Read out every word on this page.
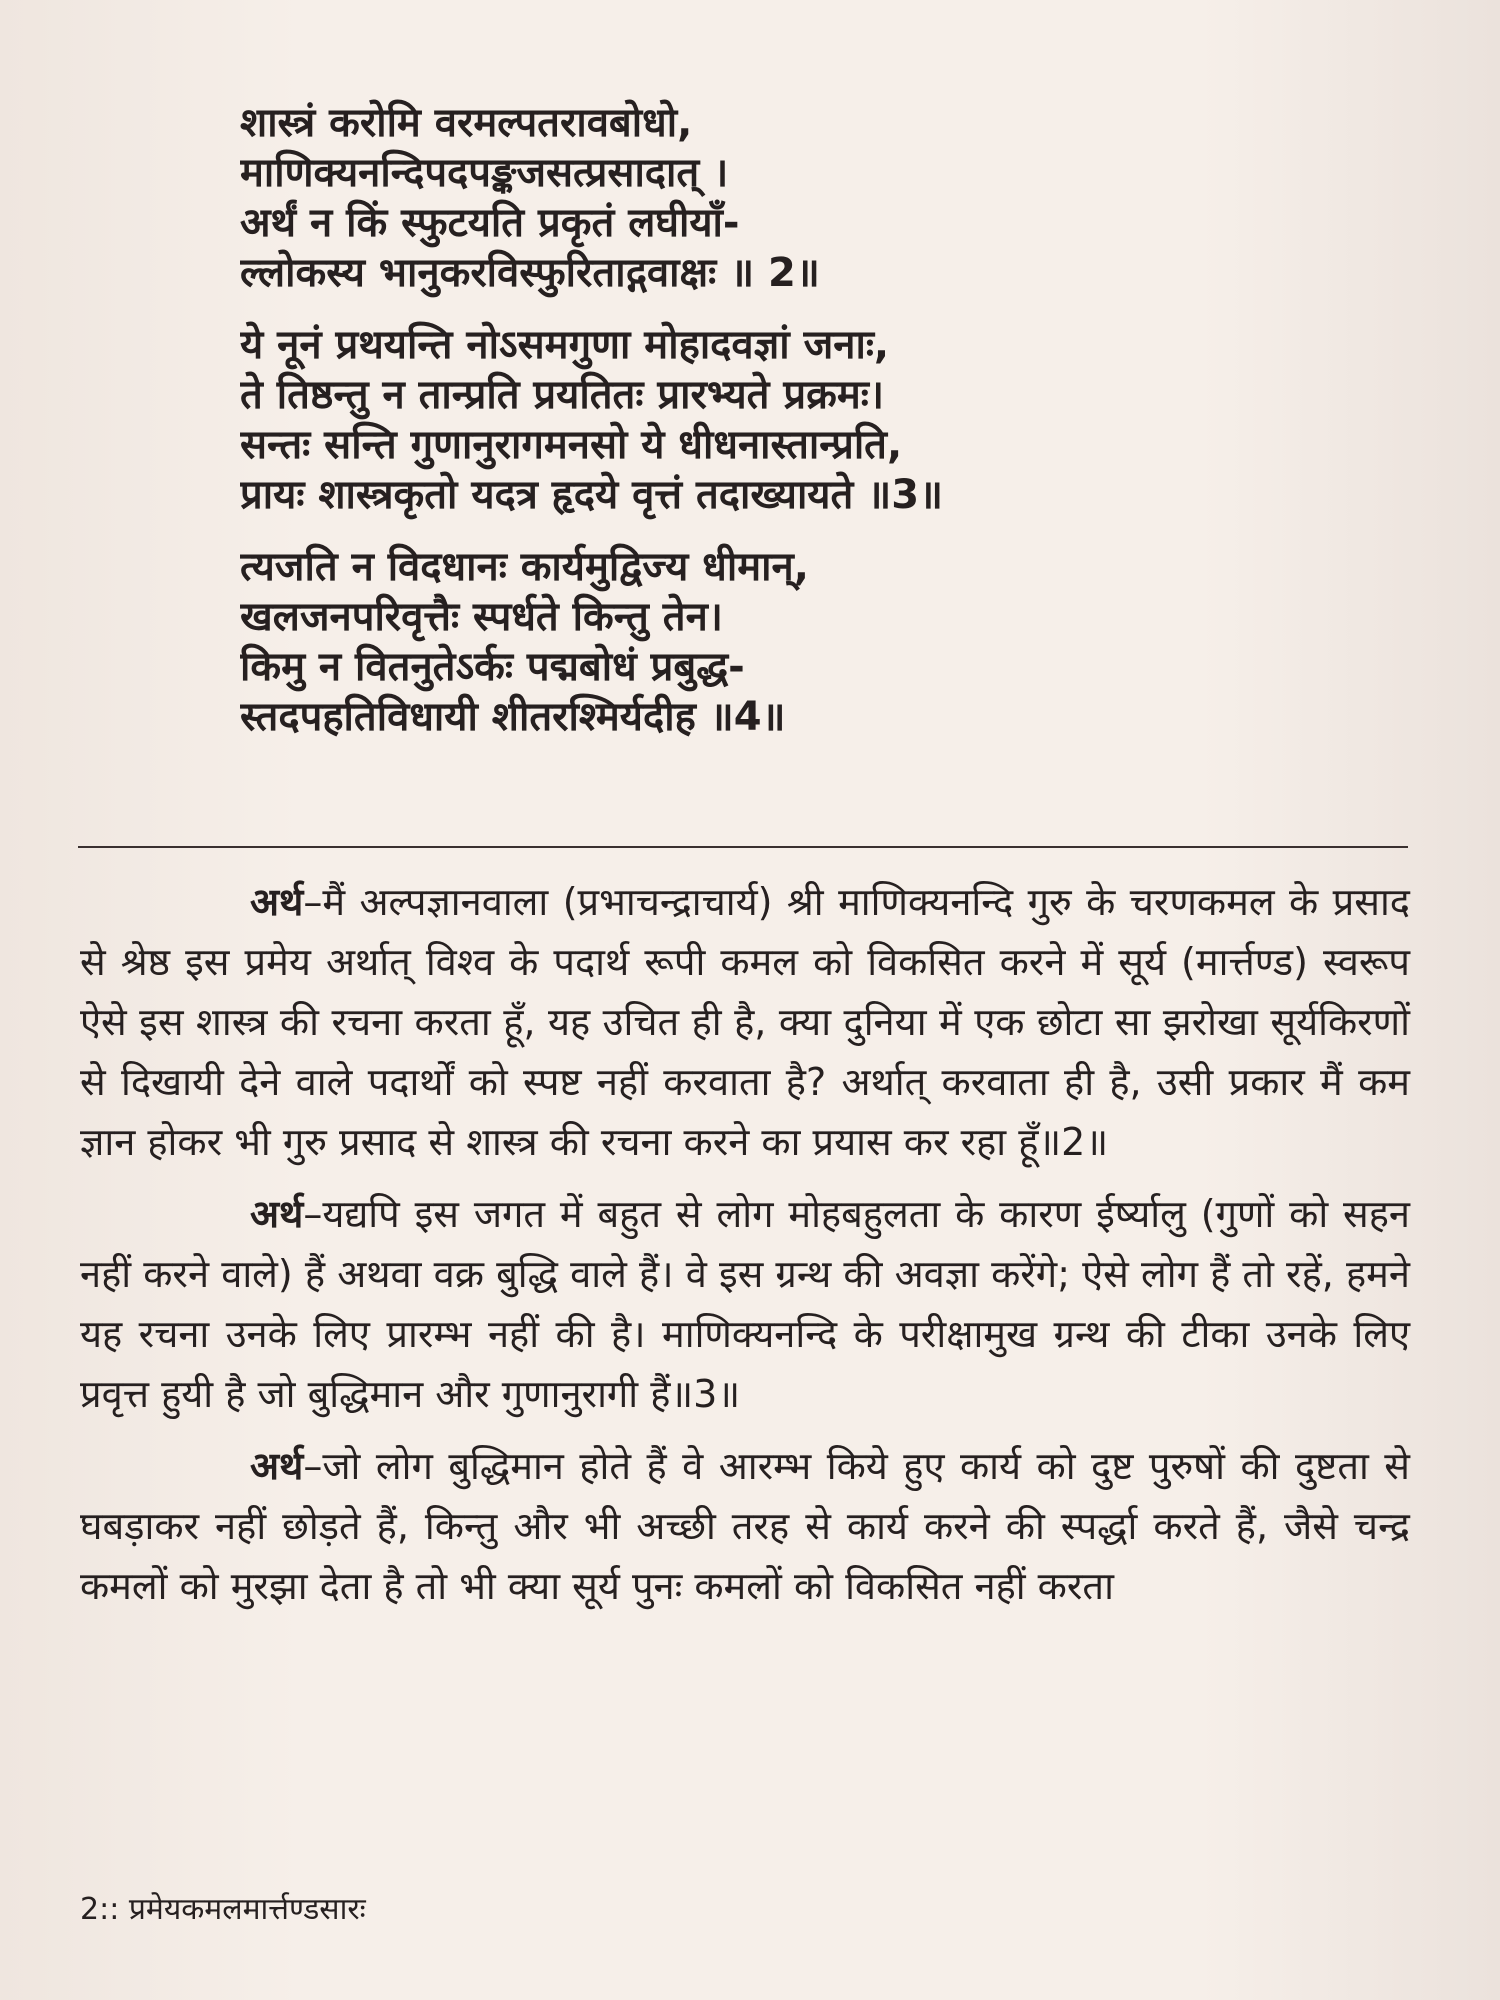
शास्त्रं करोमि वरमल्पतरावबोधो,
माणिक्यनन्दिपदपङ्कजसत्प्रसादात् ।
अर्थं न किं स्फुटयति प्रकृतं लघीयाँ-
ल्लोकस्य भानुकरविस्फुरिताद्गवाक्षः ॥ 2॥
ये नूनं प्रथयन्ति नोऽसमगुणा मोहादवज्ञां जनाः,
ते तिष्ठन्तु न तान्प्रति प्रयतितः प्रारभ्यते प्रक्रमः।
सन्तः सन्ति गुणानुरागमनसो ये धीधनास्तान्प्रति,
प्रायः शास्त्रकृतो यदत्र हृदये वृत्तं तदाख्यायते ॥3॥
त्यजति न विदधानः कार्यमुद्विज्य धीमान्,
खलजनपरिवृत्तैः स्पर्धते किन्तु तेन।
किमु न वितनुतेऽर्कः पद्मबोधं प्रबुद्ध-
स्तदपहतिविधायी शीतरश्मिर्यदीह ॥4॥

अर्थ–मैं अल्पज्ञानवाला (प्रभाचन्द्राचार्य) श्री माणिक्यनन्दि गुरु के चरणकमल के प्रसाद से श्रेष्ठ इस प्रमेय अर्थात् विश्व के पदार्थ रूपी कमल को विकसित करने में सूर्य (मार्त्तण्ड) स्वरूप ऐसे इस शास्त्र की रचना करता हूँ, यह उचित ही है, क्या दुनिया में एक छोटा सा झरोखा सूर्यकिरणों से दिखायी देने वाले पदार्थों को स्पष्ट नहीं करवाता है? अर्थात् करवाता ही है, उसी प्रकार मैं कम ज्ञान होकर भी गुरु प्रसाद से शास्त्र की रचना करने का प्रयास कर रहा हूँ॥2॥

अर्थ–यद्यपि इस जगत में बहुत से लोग मोहबहुलता के कारण ईर्ष्यालु (गुणों को सहन नहीं करने वाले) हैं अथवा वक्र बुद्धि वाले हैं। वे इस ग्रन्थ की अवज्ञा करेंगे; ऐसे लोग हैं तो रहें, हमने यह रचना उनके लिए प्रारम्भ नहीं की है। माणिक्यनन्दि के परीक्षामुख ग्रन्थ की टीका उनके लिए प्रवृत्त हुयी है जो बुद्धिमान और गुणानुरागी हैं॥3॥

अर्थ–जो लोग बुद्धिमान होते हैं वे आरम्भ किये हुए कार्य को दुष्ट पुरुषों की दुष्टता से घबड़ाकर नहीं छोड़ते हैं, किन्तु और भी अच्छी तरह से कार्य करने की स्पर्द्धा करते हैं, जैसे चन्द्र कमलों को मुरझा देता है तो भी क्या सूर्य पुनः कमलों को विकसित नहीं करता

2:: प्रमेयकमलमार्त्तण्डसारः
